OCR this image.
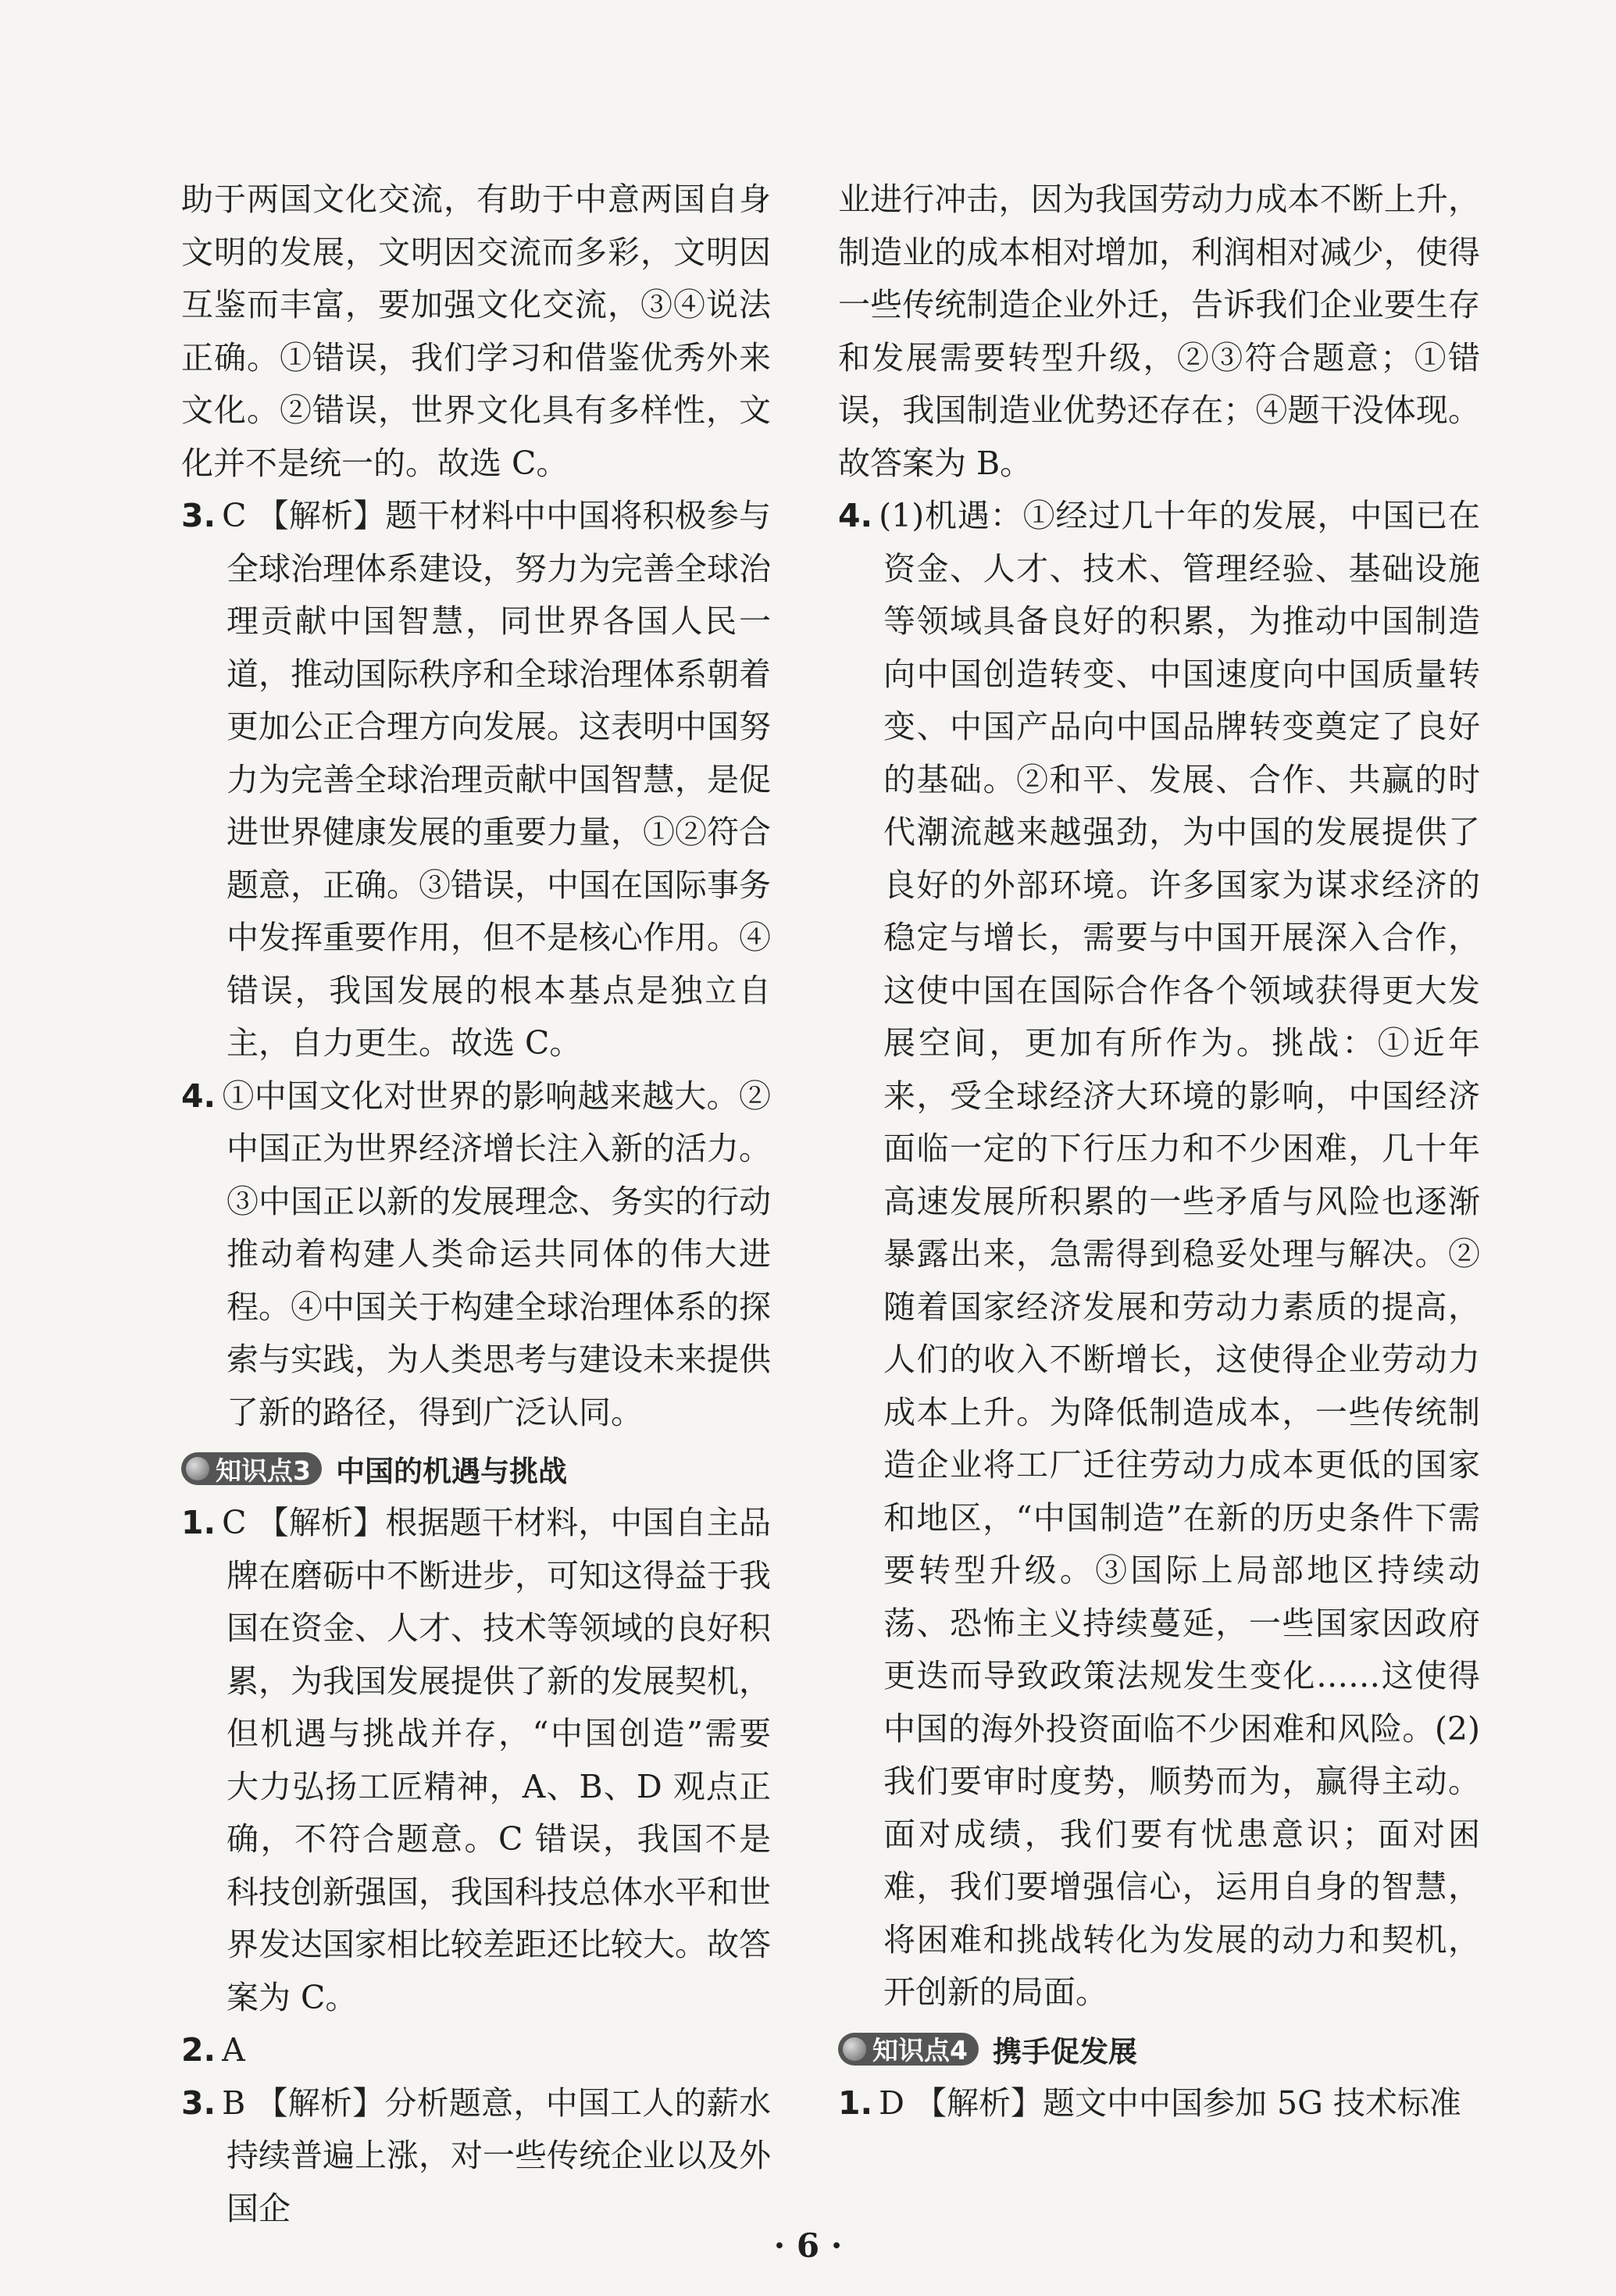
助于两国文化交流，有助于中意两国自身文明的发展，文明因交流而多彩，文明因互鉴而丰富，要加强文化交流，③④说法正确。①错误，我们学习和借鉴优秀外来文化。②错误，世界文化具有多样性，文化并不是统一的。故选 C。

3. C 【解析】题干材料中中国将积极参与全球治理体系建设，努力为完善全球治理贡献中国智慧，同世界各国人民一道，推动国际秩序和全球治理体系朝着更加公正合理方向发展。这表明中国努力为完善全球治理贡献中国智慧，是促进世界健康发展的重要力量，①②符合题意，正确。③错误，中国在国际事务中发挥重要作用，但不是核心作用。④错误，我国发展的根本基点是独立自主，自力更生。故选 C。

4. ①中国文化对世界的影响越来越大。②中国正为世界经济增长注入新的活力。③中国正以新的发展理念、务实的行动推动着构建人类命运共同体的伟大进程。④中国关于构建全球治理体系的探索与实践，为人类思考与建设未来提供了新的路径，得到广泛认同。

知识点3 中国的机遇与挑战

1. C 【解析】根据题干材料，中国自主品牌在磨砺中不断进步，可知这得益于我国在资金、人才、技术等领域的良好积累，为我国发展提供了新的发展契机，但机遇与挑战并存，“中国创造”需要大力弘扬工匠精神，A、B、D 观点正确，不符合题意。C 错误，我国不是科技创新强国，我国科技总体水平和世界发达国家相比较差距还比较大。故答案为 C。

2. A

3. B 【解析】分析题意，中国工人的薪水持续普遍上涨，对一些传统企业以及外国企

业进行冲击，因为我国劳动力成本不断上升，制造业的成本相对增加，利润相对减少，使得一些传统制造企业外迁，告诉我们企业要生存和发展需要转型升级，②③符合题意；①错误，我国制造业优势还存在；④题干没体现。故答案为 B。

4. (1)机遇：①经过几十年的发展，中国已在资金、人才、技术、管理经验、基础设施等领域具备良好的积累，为推动中国制造向中国创造转变、中国速度向中国质量转变、中国产品向中国品牌转变奠定了良好的基础。②和平、发展、合作、共赢的时代潮流越来越强劲，为中国的发展提供了良好的外部环境。许多国家为谋求经济的稳定与增长，需要与中国开展深入合作，这使中国在国际合作各个领域获得更大发展空间，更加有所作为。挑战：①近年来，受全球经济大环境的影响，中国经济面临一定的下行压力和不少困难，几十年高速发展所积累的一些矛盾与风险也逐渐暴露出来，急需得到稳妥处理与解决。②随着国家经济发展和劳动力素质的提高，人们的收入不断增长，这使得企业劳动力成本上升。为降低制造成本，一些传统制造企业将工厂迁往劳动力成本更低的国家和地区，“中国制造”在新的历史条件下需要转型升级。③国际上局部地区持续动荡、恐怖主义持续蔓延，一些国家因政府更迭而导致政策法规发生变化……这使得中国的海外投资面临不少困难和风险。(2)我们要审时度势，顺势而为，赢得主动。面对成绩，我们要有忧患意识；面对困难，我们要增强信心，运用自身的智慧，将困难和挑战转化为发展的动力和契机，开创新的局面。

知识点4 携手促发展

1. D 【解析】题文中中国参加 5G 技术标准

· 6 ·
